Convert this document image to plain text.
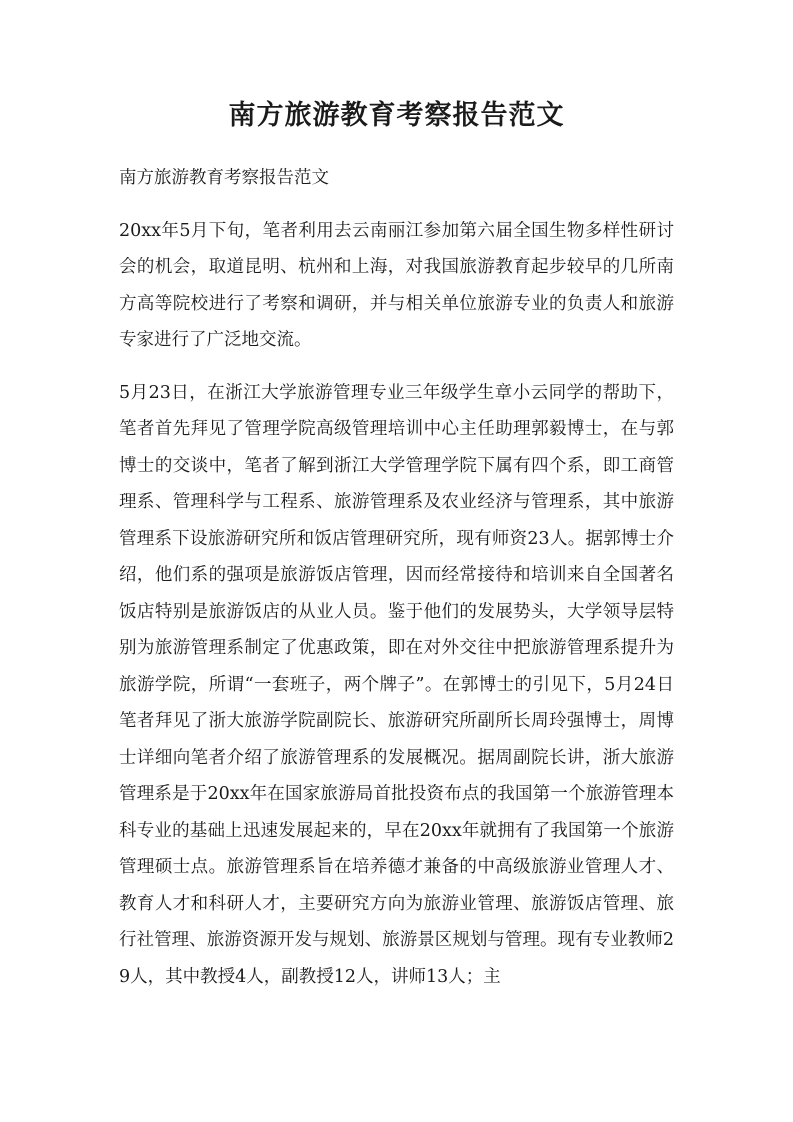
南方旅游教育考察报告范文

南方旅游教育考察报告范文

20xx年5月下旬，笔者利用去云南丽江参加第六届全国生物多样性研讨会的机会，取道昆明、杭州和上海，对我国旅游教育起步较早的几所南方高等院校进行了考察和调研，并与相关单位旅游专业的负责人和旅游专家进行了广泛地交流。

5月23日，在浙江大学旅游管理专业三年级学生章小云同学的帮助下，笔者首先拜见了管理学院高级管理培训中心主任助理郭毅博士，在与郭博士的交谈中，笔者了解到浙江大学管理学院下属有四个系，即工商管理系、管理科学与工程系、旅游管理系及农业经济与管理系，其中旅游管理系下设旅游研究所和饭店管理研究所，现有师资23人。据郭博士介绍，他们系的强项是旅游饭店管理，因而经常接待和培训来自全国著名饭店特别是旅游饭店的从业人员。鉴于他们的发展势头，大学领导层特别为旅游管理系制定了优惠政策，即在对外交往中把旅游管理系提升为旅游学院，所谓“一套班子，两个牌子”。在郭博士的引见下，5月24日笔者拜见了浙大旅游学院副院长、旅游研究所副所长周玲强博士，周博士详细向笔者介绍了旅游管理系的发展概况。据周副院长讲，浙大旅游管理系是于20xx年在国家旅游局首批投资布点的我国第一个旅游管理本科专业的基础上迅速发展起来的，早在20xx年就拥有了我国第一个旅游管理硕士点。旅游管理系旨在培养德才兼备的中高级旅游业管理人才、教育人才和科研人才，主要研究方向为旅游业管理、旅游饭店管理、旅行社管理、旅游资源开发与规划、旅游景区规划与管理。现有专业教师29人，其中教授4人，副教授12人，讲师13人；主
